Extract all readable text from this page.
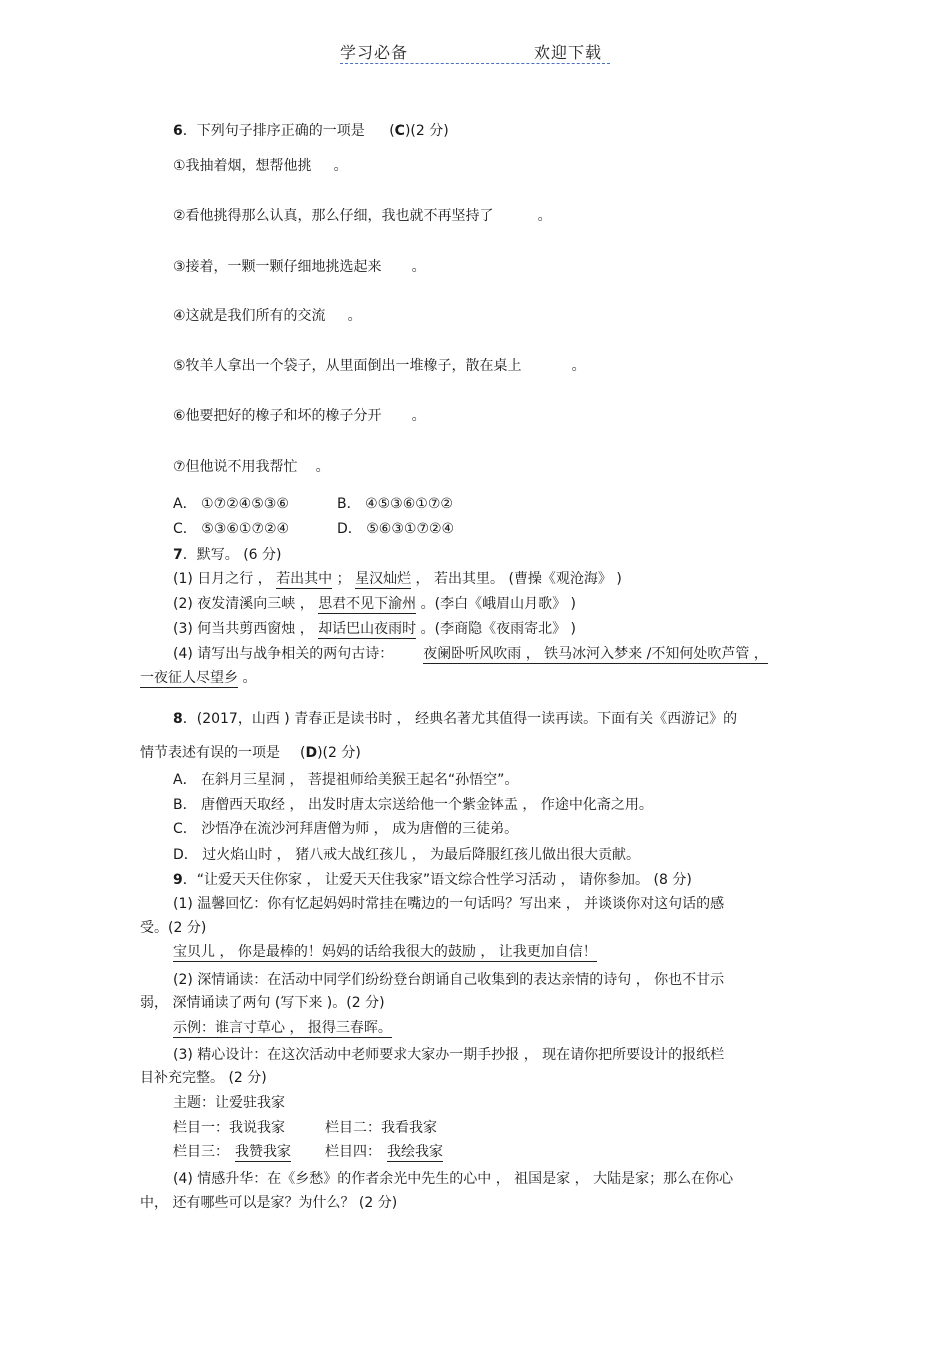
学习必备	欢迎下载
6．下列句子排序正确的一项是 (C)(2 分)
①我抽着烟，想帮他挑 。
②看他挑得那么认真，那么仔细，我也就不再坚持了	。
③接着，一颗一颗仔细地挑选起来 。
④这就是我们所有的交流 。
⑤牧羊人拿出一个袋子，从里面倒出一堆橡子，散在桌上	。
⑥他要把好的橡子和坏的橡子分开 。
⑦但他说不用我帮忙 。
A． ①⑦②④⑤③⑥	B． ④⑤③⑥①⑦②
C． ⑤③⑥①⑦②④	D． ⑤⑥③①⑦②④
7．默写。 (6 分)
(1) 日月之行 ， 若出其中 ； 星汉灿烂 ， 若出其里。 (曹操《观沧海》 )
(2) 夜发清溪向三峡 ， 思君不见下渝州 。(李白《峨眉山月歌》 )
(3) 何当共剪西窗烛 ， 却话巴山夜雨时 。(李商隐《夜雨寄北》 )
(4) 请写出与战争相关的两句古诗： 夜阑卧听风吹雨 ， 铁马冰河入梦来 /不知何处吹芦管 ，
一夜征人尽望乡 。
8．(2017，山西 ) 青春正是读书时 ， 经典名著尤其值得一读再读。下面有关《西游记》的
情节表述有误的一项是 (D)(2 分)
A． 在斜月三星洞 ， 菩提祖师给美猴王起名“孙悟空”。
B． 唐僧西天取经 ， 出发时唐太宗送给他一个紫金钵盂 ， 作途中化斋之用。
C． 沙悟净在流沙河拜唐僧为师 ， 成为唐僧的三徒弟。
D． 过火焰山时 ， 猪八戒大战红孩儿 ， 为最后降服红孩儿做出很大贡献。
9．“让爱天天住你家 ， 让爱天天住我家”语文综合性学习活动 ， 请你参加。 (8 分)
(1) 温馨回忆：你有忆起妈妈时常挂在嘴边的一句话吗？写出来 ， 并谈谈你对这句话的感
受。(2 分)
宝贝儿 ， 你是最棒的！妈妈的话给我很大的鼓励 ， 让我更加自信！
(2) 深情诵读：在活动中同学们纷纷登台朗诵自己收集到的表达亲情的诗句 ， 你也不甘示
弱， 深情诵读了两句 (写下来 )。(2 分)
示例：谁言寸草心 ， 报得三春晖。
(3) 精心设计：在这次活动中老师要求大家办一期手抄报 ， 现在请你把所要设计的报纸栏
目补充完整。 (2 分)
主题：让爱驻我家
栏目一：我说我家	栏目二：我看我家
栏目三： 我赞我家 栏目四： 我绘我家
(4) 情感升华：在《乡愁》的作者余光中先生的心中 ， 祖国是家 ， 大陆是家；那么在你心
中， 还有哪些可以是家？为什么？ (2 分)
